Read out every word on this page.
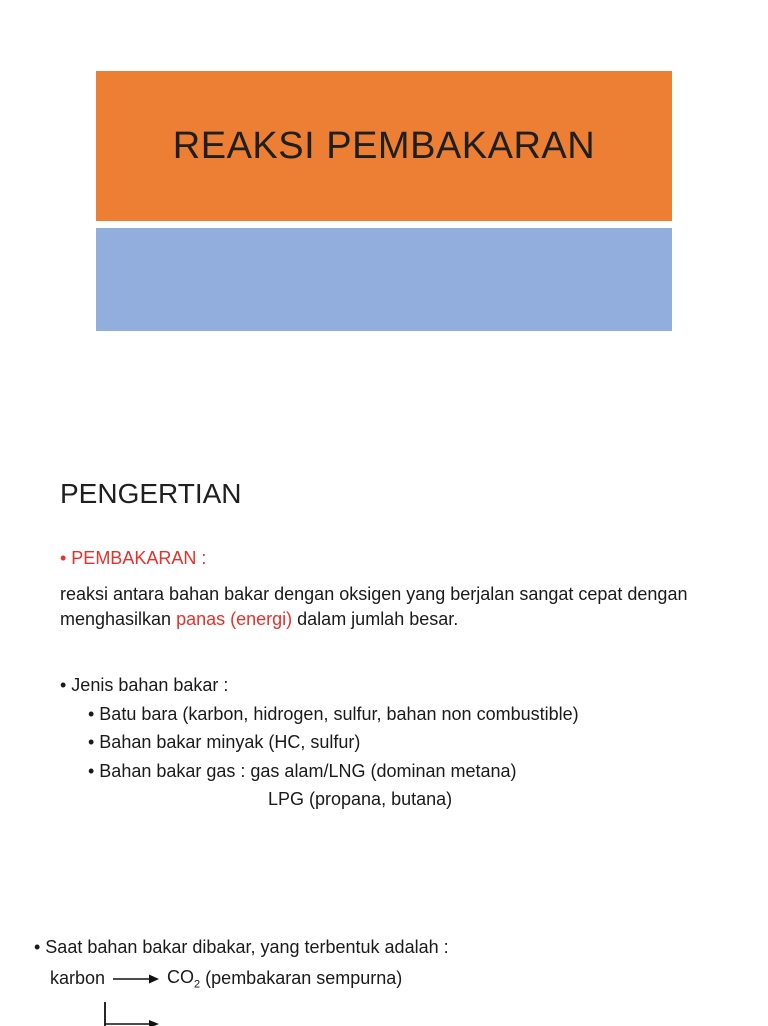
REAKSI PEMBAKARAN
PENGERTIAN
• PEMBAKARAN :
reaksi antara bahan bakar dengan oksigen yang berjalan sangat cepat dengan menghasilkan panas (energi) dalam jumlah besar.
• Jenis bahan bakar :
• Batu bara (karbon, hidrogen, sulfur, bahan non combustible)
• Bahan bakar minyak (HC, sulfur)
• Bahan bakar gas : gas alam/LNG (dominan metana)
LPG (propana, butana)
• Saat bahan bakar dibakar, yang terbentuk adalah :
karbon → $CO_2$ (pembakaran sempurna)
